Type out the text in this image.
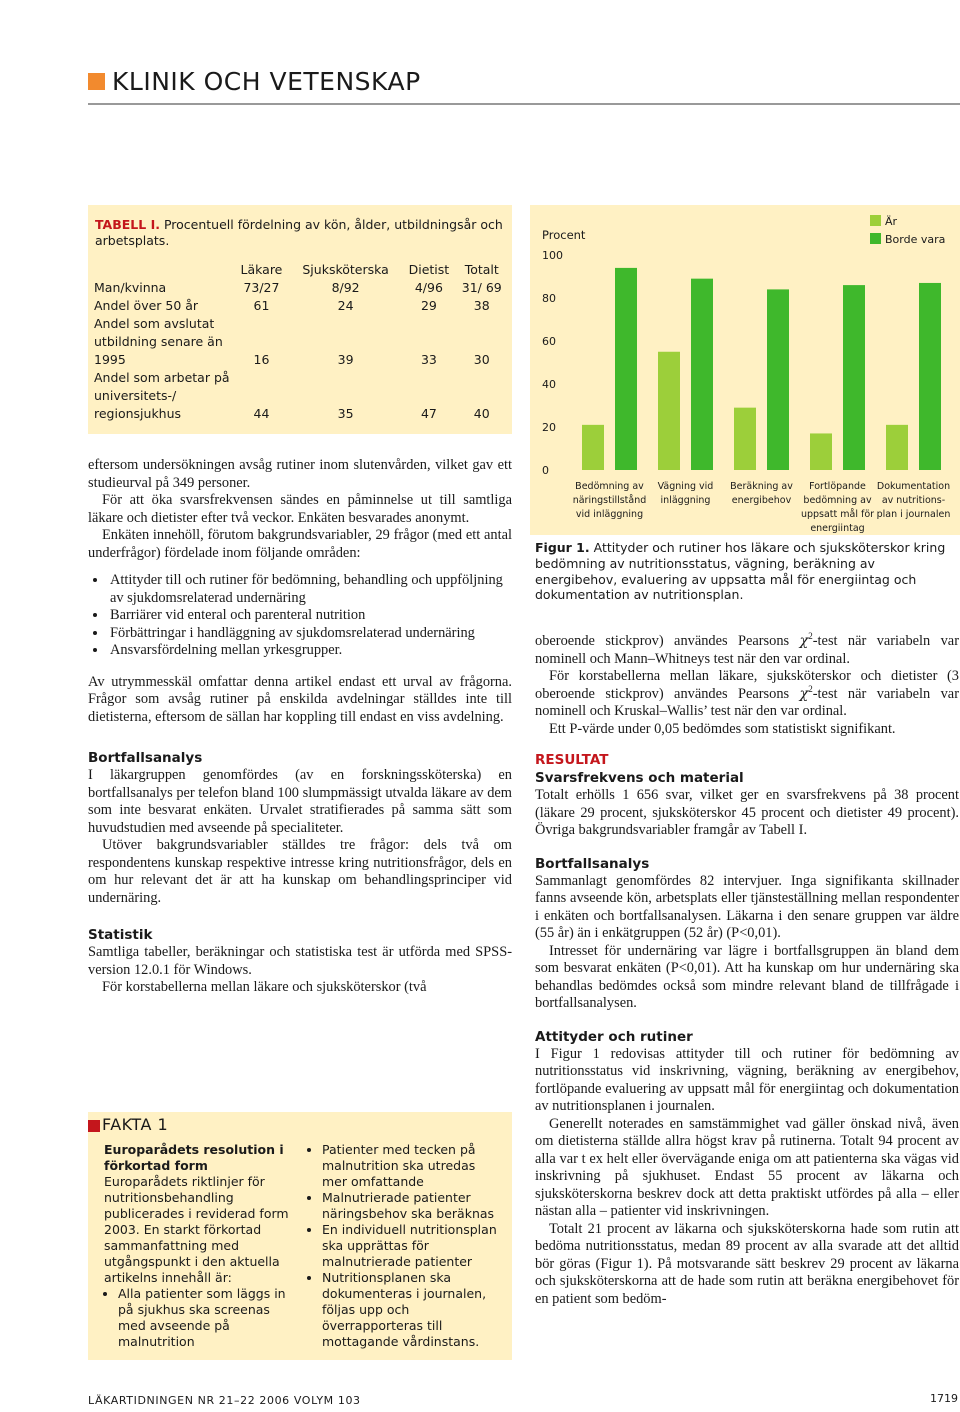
KLINIK OCH VETENSKAP
TABELL I. Procentuell fördelning av kön, ålder, utbildningsår och arbetsplats.
	Läkare	Sjuksköterska	Dietist	Totalt
Man/kvinna	73/27	8/92	4/96	31/ 69
Andel över 50 år	61	24	29	38
Andel som avslutat utbildning senare än 1995	16	39	33	30
Andel som arbetar på universitets-/ regionsjukhus	44	35	47	40
Procent
0
20
40
60
80
100
Bedömning av näringstillstånd vid inläggning
Vägning vid inläggning
Beräkning av energibehov
Fortlöpande bedömning av uppsatt mål för energiintag
Dokumentation av nutritions-plan i journalen
Är
Borde vara
Figur 1. Attityder och rutiner hos läkare och sjuksköterskor kring bedömning av nutritionsstatus, vägning, beräkning av energibehov, evaluering av uppsatta mål för energiintag och dokumentation av nutritionsplan.

eftersom undersökningen avsåg rutiner inom slutenvården, vilket gav ett studieurval på 349 personer.

För att öka svarsfrekvensen sändes en påminnelse ut till samtliga läkare och dietister efter två veckor. Enkäten besvarades anonymt.

Enkäten innehöll, förutom bakgrundsvariabler, 29 frågor (med ett antal underfrågor) fördelade inom följande områden:

• Attityder till och rutiner för bedömning, behandling och uppföljning av sjukdomsrelaterad undernäring
• Barriärer vid enteral och parenteral nutrition
• Förbättringar i handläggning av sjukdomsrelaterad undernäring
• Ansvarsfördelning mellan yrkesgrupper.

Av utrymmesskäl omfattar denna artikel endast ett urval av frågorna. Frågor som avsåg rutiner på enskilda avdelningar ställdes inte till dietisterna, eftersom de sällan har koppling till endast en viss avdelning.

Bortfallsanalys

I läkargruppen genomfördes (av en forskningssköterska) en bortfallsanalys per telefon bland 100 slumpmässigt utvalda läkare av dem som inte besvarat enkäten. Urvalet stratifierades på samma sätt som huvudstudien med avseende på specialiteter.

Utöver bakgrundsvariabler ställdes tre frågor: dels två om respondentens kunskap respektive intresse kring nutritionsfrågor, dels en om hur relevant det är att ha kunskap om behandlingsprinciper vid undernäring.

Statistik

Samtliga tabeller, beräkningar och statistiska test är utförda med SPSS-version 12.0.1 för Windows.

För korstabellerna mellan läkare och sjuksköterskor (två

oberoende stickprov) användes Pearsons $\chi^2$-test när variabeln var nominell och Mann–Whitneys test när den var ordinal.

För korstabellerna mellan läkare, sjuksköterskor och dietister (3 oberoende stickprov) användes Pearsons $\chi^2$-test när variabeln var nominell och Kruskal–Wallis’ test när den var ordinal.

Ett P-värde under 0,05 bedömdes som statistiskt signifikant.

RESULTAT
Svarsfrekvens och material

Totalt erhölls 1 656 svar, vilket ger en svarsfrekvens på 38 procent (läkare 29 procent, sjuksköterskor 45 procent och dietister 49 procent). Övriga bakgrundsvariabler framgår av Tabell I.

Bortfallsanalys

Sammanlagt genomfördes 82 intervjuer. Inga signifikanta skillnader fanns avseende kön, arbetsplats eller tjänsteställning mellan respondenter i enkäten och bortfallsanalysen. Läkarna i den senare gruppen var äldre (55 år) än i enkätgruppen (52 år) (P<0,01).

Intresset för undernäring var lägre i bortfallsgruppen än bland dem som besvarat enkäten (P<0,01). Att ha kunskap om hur undernäring ska behandlas bedömdes också som mindre relevant bland de tillfrågade i bortfallsanalysen.

Attityder och rutiner

I Figur 1 redovisas attityder till och rutiner för bedömning av nutritionsstatus vid inskrivning, vägning, beräkning av energibehov, fortlöpande evaluering av uppsatt mål för energiintag och dokumentation av nutritionsplanen i journalen.

Generellt noterades en samstämmighet vad gäller önskad nivå, även om dietisterna ställde allra högst krav på rutinerna. Totalt 94 procent av alla var t ex helt eller övervägande eniga om att patienterna ska vägas vid inskrivning på sjukhuset. Endast 55 procent av läkarna och sjuksköterskorna beskrev dock att detta praktiskt utfördes på alla – eller nästan alla – patienter vid inskrivningen.

Totalt 21 procent av läkarna och sjuksköterskorna hade som rutin att bedöma nutritionsstatus, medan 89 procent av alla svarade att det alltid bör göras (Figur 1). På motsvarande sätt beskrev 29 procent av läkarna och sjuksköterskorna att de hade som rutin att beräkna energibehovet för en patient som bedöm-

FAKTA 1
Europarådets resolution i förkortad form
Europarådets riktlinjer för nutritionsbehandling publicerades i reviderad form 2003. En starkt förkortad sammanfattning med utgångspunkt i den aktuella artikelns innehåll är:
• Alla patienter som läggs in på sjukhus ska screenas med avseende på malnutrition
• Patienter med tecken på malnutrition ska utredas mer omfattande
• Malnutrierade patienter näringsbehov ska beräknas
• En individuell nutritionsplan ska upprättas för malnutrierade patienter
• Nutritionsplanen ska dokumenteras i journalen, följas upp och överrapporteras till mottagande vårdinstans.
LÄKARTIDNINGEN NR 21–22 2006 VOLYM 103	1719
